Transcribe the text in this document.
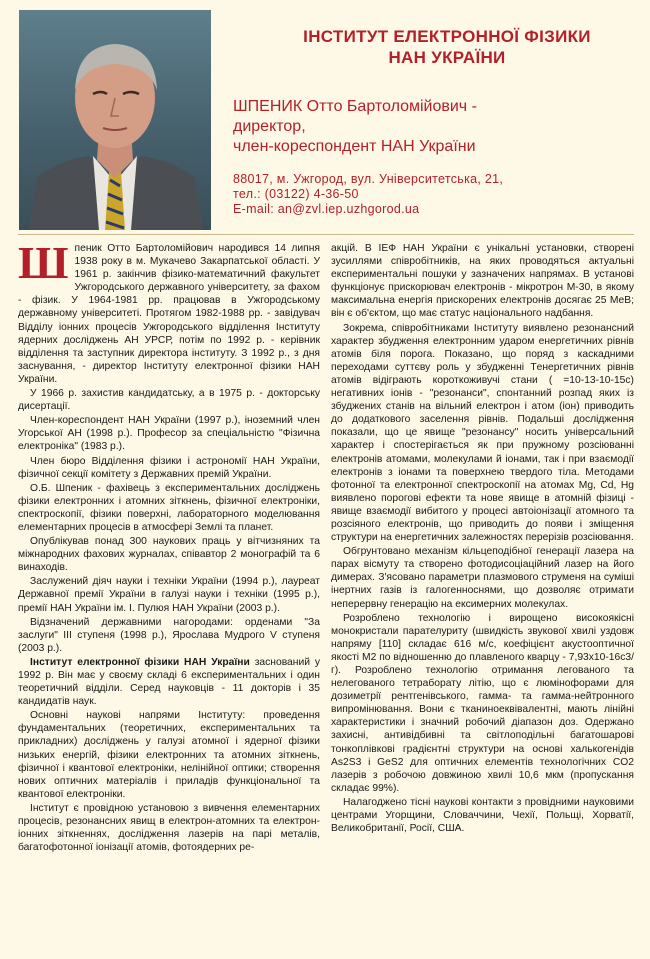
ІНСТИТУТ ЕЛЕКТРОННОЇ ФІЗИКИ
НАН УКРАЇНИ
ШПЕНИК Отто Бартоломійович -
директор,
член-кореспондент НАН України
88017, м. Ужгород, вул. Університетська, 21,
тел.: (03122) 4-36-50
E-mail: an@zvl.iep.uzhgorod.ua

Шпеник Отто Бартоломійович народився 14 липня 1938 року в м. Мукачево Закарпатської області. У 1961 р. закінчив фізико-математичний факультет Ужгородського державного університету, за фахом - фізик. У 1964-1981 рр. працював в Ужгородському державному університеті. Протягом 1982-1988 рр. - завідувач Відділу іонних процесів Ужгородського відділення Інституту ядерних досліджень АН УРСР, потім по 1992 р. - керівник відділення та заступник директора інституту. З 1992 р., з дня заснування, - директор Інституту електронної фізики НАН України.

У 1966 р. захистив кандидатську, а в 1975 р. - докторську дисертації.

Член-кореспондент НАН України (1997 р.), іноземний член Угорської АН (1998 р.). Професор за спеціальністю "Фізична електроніка" (1983 р.).

Член бюро Відділення фізики і астрономії НАН України, фізичної секції комітету з Державних премій України.

О.Б. Шпеник - фахівець з експериментальних досліджень фізики електронних і атомних зіткнень, фізичної електроніки, спектроскопії, фізики поверхні, лабораторного моделювання елементарних процесів в атмосфері Землі та планет.

Опублікував понад 300 наукових праць у вітчизняних та міжнародних фахових журналах, співавтор 2 монографій та 6 винаходів.

Заслужений діяч науки і техніки України (1994 р.), лауреат Державної премії України в галузі науки і техніки (1995 р.), премії НАН України ім. І. Пулюя НАН України (2003 р.).

Відзначений державними нагородами: орденами "За заслуги" III ступеня (1998 р.), Ярослава Мудрого V ступеня (2003 р.).

Інститут електронної фізики НАН України заснований у 1992 р. Він має у своєму складі 6 експериментальних і один теоретичний відділи. Серед науковців - 11 докторів і 35 кандидатів наук.

Основні наукові напрями Інституту: проведення фундаментальних (теоретичних, експериментальних та прикладних) досліджень у галузі атомної і ядерної фізики низьких енергій, фізики електронних та атомних зіткнень, фізичної і квантової електроніки, нелінійної оптики; створення нових оптичних матеріалів і приладів функціональної та квантової електроніки.

Інститут є провідною установою з вивчення елементарних процесів, резонансних явищ в електрон-атомних та електрон-іонних зіткненнях, дослідження лазерів на парі металів, багатофотонної іонізації атомів, фотоядерних ре-

акцій. В ІЕФ НАН України є унікальні установки, створені зусиллями співробітників, на яких проводяться актуальні експериментальні пошуки у зазначених напрямах. В установі функціонує прискорювач електронів - мікротрон М-30, в якому максимальна енергія прискорених електронів досягає 25 МеВ; він є об'єктом, що має статус національного надбання.

Зокрема, співробітниками Інституту виявлено резонансний характер збудження електронним ударом енергетичних рівнів атомів біля порога. Показано, що поряд з каскадними переходами суттєву роль у збудженні Tенергетичних рівнів атомів відіграють короткоживучі стани ( =10-13-10-15с) негативних іонів - "резонанси", спонтанний розпад яких із збуджених станів на вільний електрон і атом (іон) приводить до додаткового заселення рівнів. Подальші дослідження показали, що це явище "резонансу" носить універсальний характер і спостерігається як при пружному розсіюванні електронів атомами, молекулами й іонами, так і при взаємодії електронів з іонами та поверхнею твердого тіла. Методами фотонної та електронної спектроскопії на атомах Mg, Cd, Hg виявлено порогові ефекти та нове явище в атомній фізиці - явище взаємодії вибитого у процесі автоіонізації атомного та розсіяного електронів, що приводить до появи і зміщення структури на енергетичних залежностях перерізів розсіювання.

Обгрунтовано механізм кільцеподібної генерації лазера на парах вісмуту та створено фотодисоціаційний лазер на його димерах. З'ясовано параметри плазмового струменя на суміші інертних газів із галогенноcнями, що дозволяє отримати неперервну генерацію на ексимерних молекулах.

Розроблено технологію і вирощено високоякісні монокристали парателуриту (швидкість звукової хвилі уздовж напряму [110] складає 616 м/с, коефіцієнт акустооптичної якості M2 по відношенню до плавленого кварцу - 7,93x10-16с3/г). Розроблено технологію отримання легованого та нелегованого тетраборату літію, що є люмінофорами для дозиметрії рентгенівського, гамма- та гамма-нейтронного випромінювання. Вони є тканиноеквівалентні, мають лінійні характеристики і значний робочий діапазон доз. Одержано захисні, антивідбивні та світлоподільні багатошарові тонкоплівкові градієнтні структури на основі халькогенідів As2S3 і GeS2 для оптичних елементів технологічних CO2 лазерів з робочою довжиною хвилі 10,6 мкм (пропускання складає 99%).

Налагоджено тісні наукові контакти з провідними науковими центрами Угорщини, Словаччини, Чехії, Польщі, Хорватії, Великобританії, Росії, США.
